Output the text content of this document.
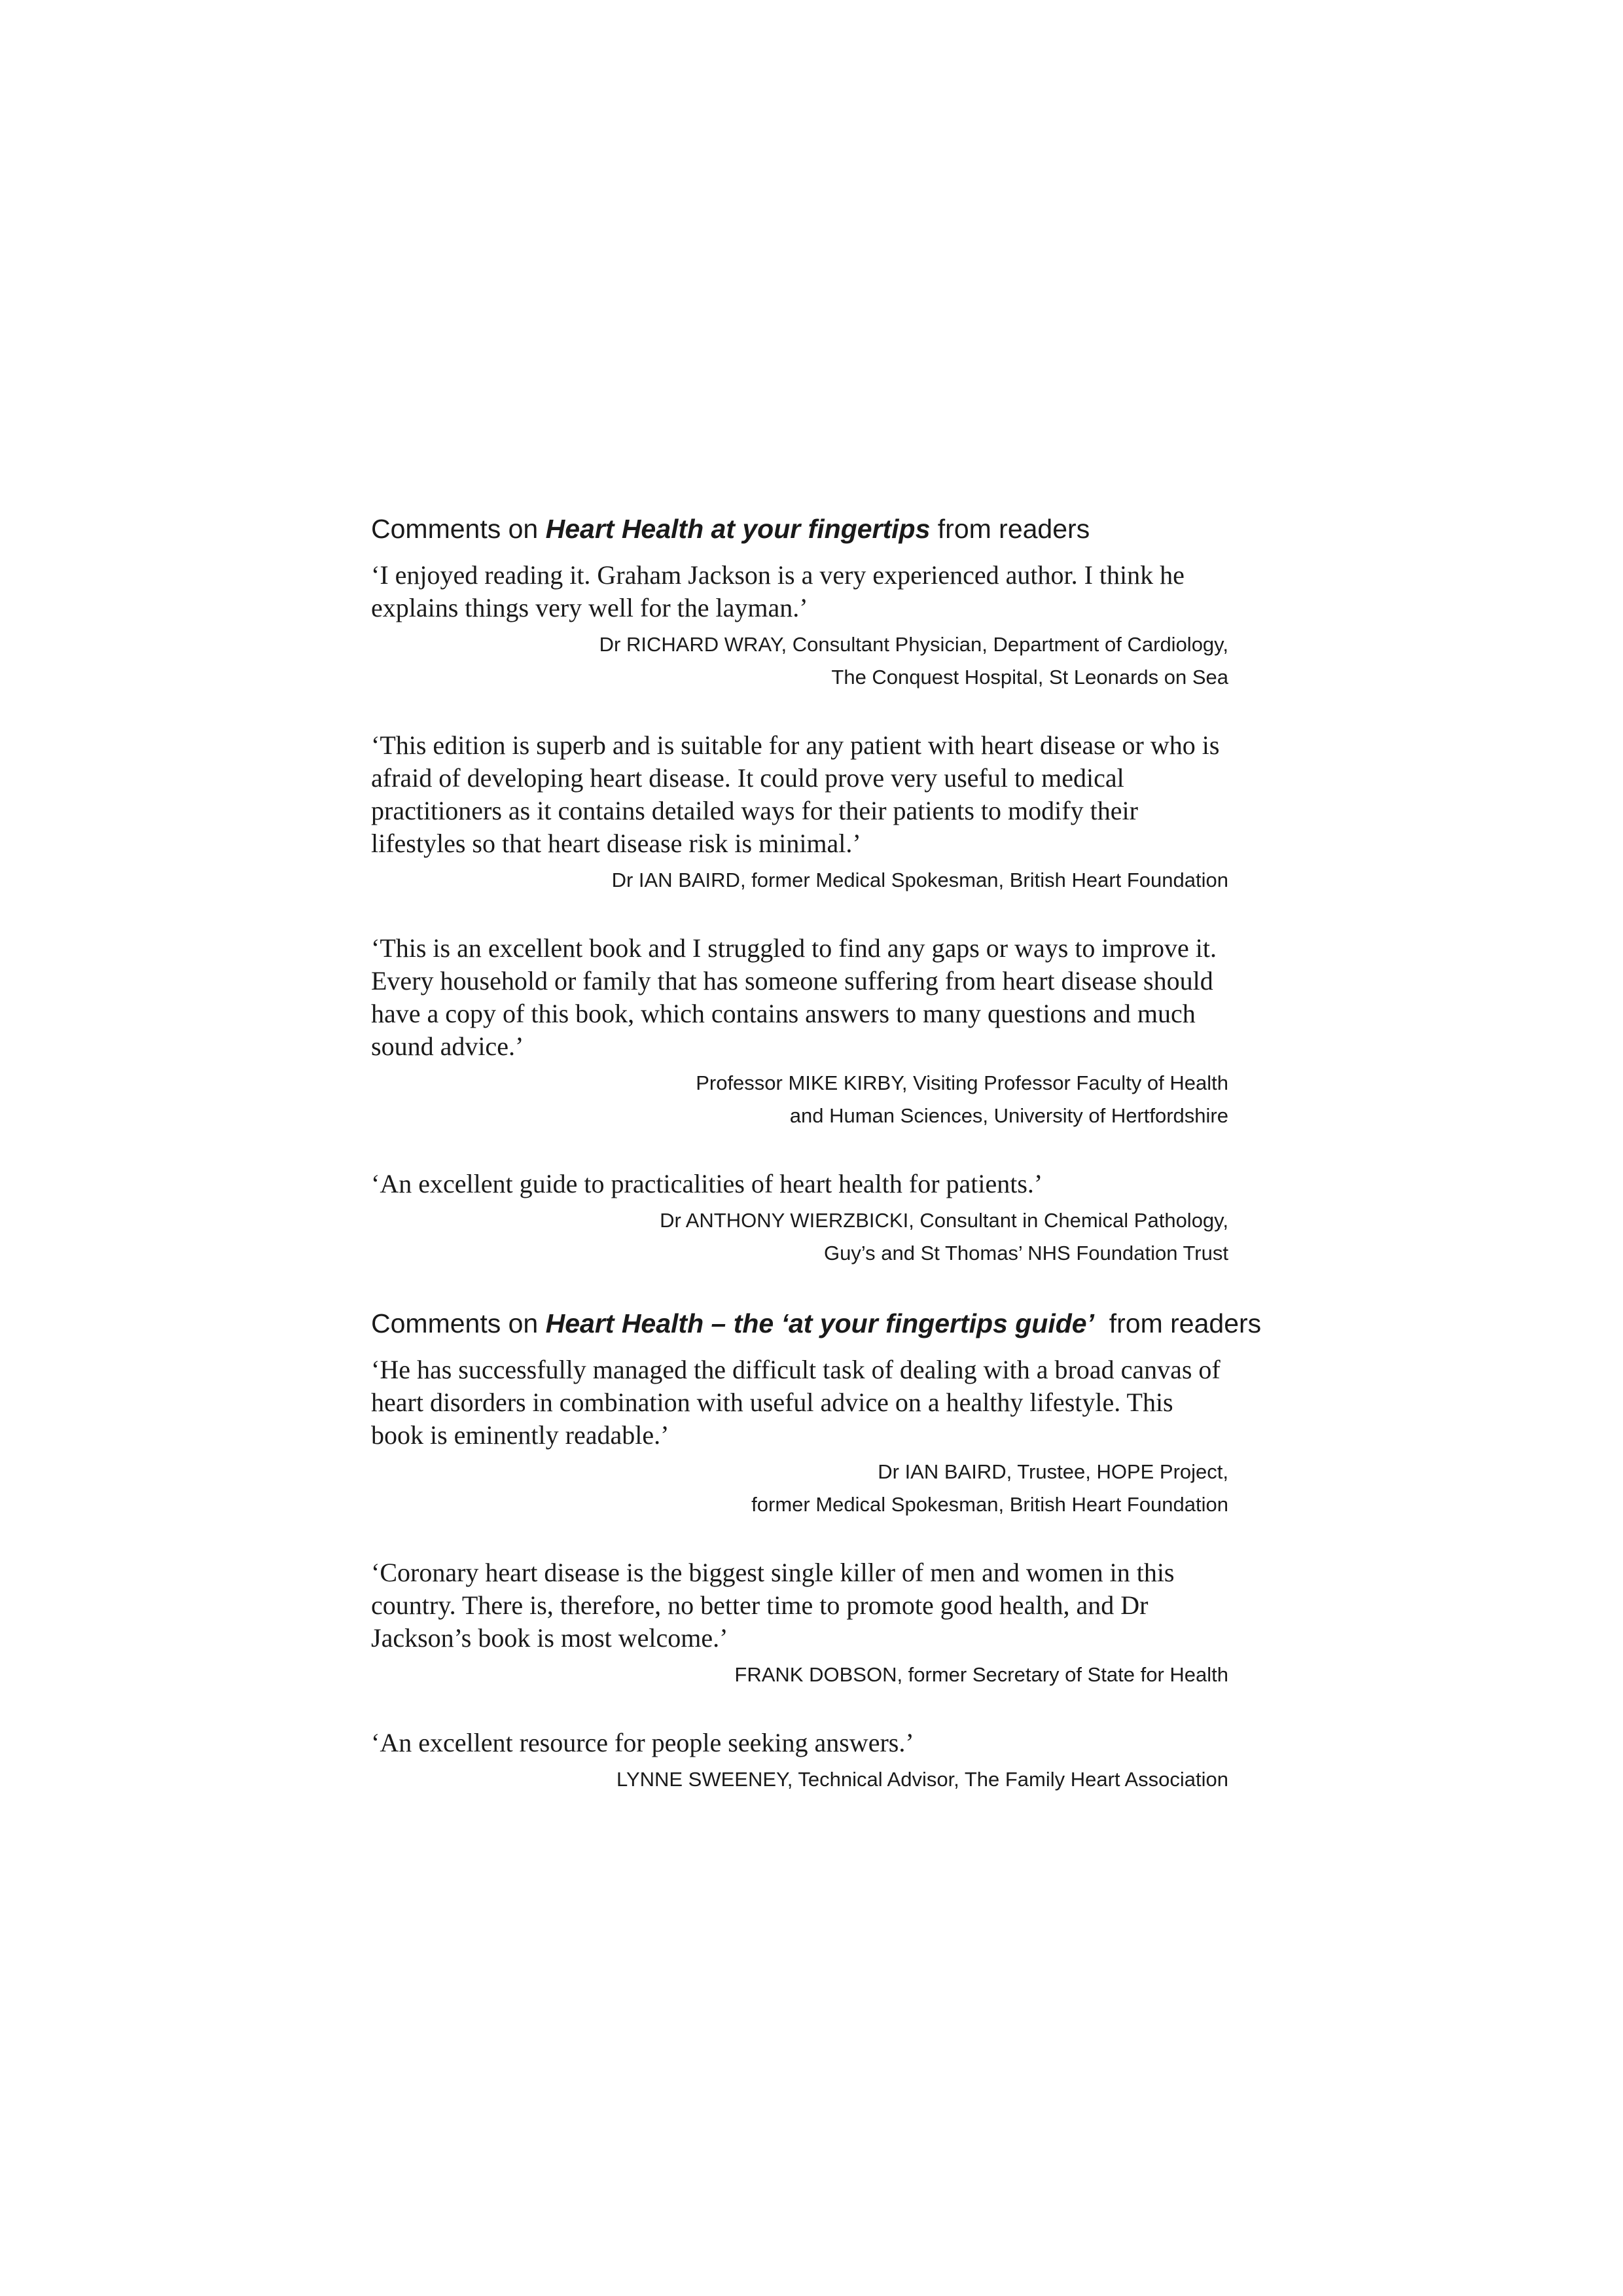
Comments on Heart Health at your fingertips from readers

‘I enjoyed reading it. Graham Jackson is a very experienced author. I think he explains things very well for the layman.’

Dr RICHARD WRAY, Consultant Physician, Department of Cardiology,
The Conquest Hospital, St Leonards on Sea

‘This edition is superb and is suitable for any patient with heart disease or who is afraid of developing heart disease. It could prove very useful to medical practitioners as it contains detailed ways for their patients to modify their lifestyles so that heart disease risk is minimal.’

Dr IAN BAIRD, former Medical Spokesman, British Heart Foundation

‘This is an excellent book and I struggled to find any gaps or ways to improve it. Every household or family that has someone suffering from heart disease should have a copy of this book, which contains answers to many questions and much sound advice.’

Professor MIKE KIRBY, Visiting Professor Faculty of Health
and Human Sciences, University of Hertfordshire

‘An excellent guide to practicalities of heart health for patients.’

Dr ANTHONY WIERZBICKI, Consultant in Chemical Pathology,
Guy’s and St Thomas’ NHS Foundation Trust

Comments on Heart Health – the ‘at your fingertips guide’  from readers

‘He has successfully managed the difficult task of dealing with a broad canvas of heart disorders in combination with useful advice on a healthy lifestyle. This book is eminently readable.’

Dr IAN BAIRD, Trustee, HOPE Project,
former Medical Spokesman, British Heart Foundation

‘Coronary heart disease is the biggest single killer of men and women in this country. There is, therefore, no better time to promote good health, and Dr Jackson’s book is most welcome.’

FRANK DOBSON, former Secretary of State for Health

‘An excellent resource for people seeking answers.’

LYNNE SWEENEY, Technical Advisor, The Family Heart Association
